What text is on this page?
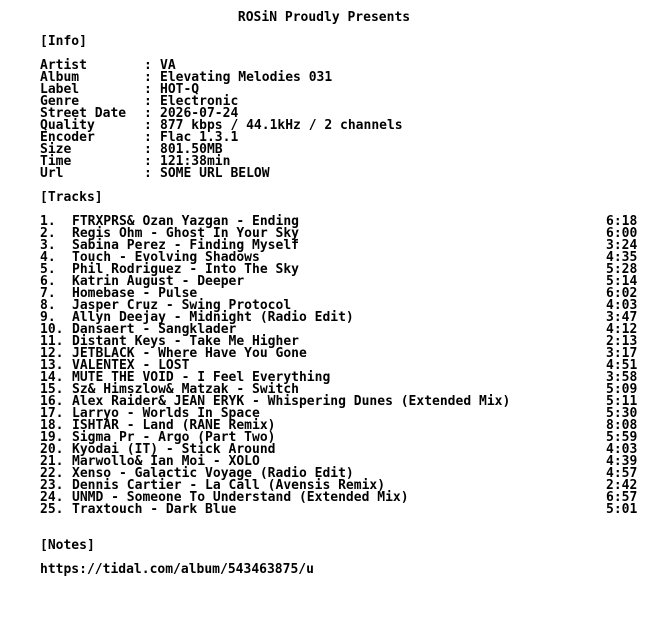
ROSiN Proudly Presents
[Info]
Artist	: VA
Album	: Elevating Melodies 031
Label	: HOT-Q
Genre	: Electronic
Street Date : 2026-07-24
Quality	: 877 kbps / 44.1kHz / 2 channels
Encoder	: Flac 1.3.1
Size	: 801.50MB
Time	: 121:38min
Url	: SOME URL BELOW
[Tracks]
1. FTRXPRS& Ozan Yazgan - Ending	6:18
2. Regis Ohm - Ghost In Your Sky	6:00
3. Sabina Perez - Finding Myself	3:24
4. Touch - Evolving Shadows	4:35
5. Phil Rodriguez - Into The Sky	5:28
6. Katrin August - Deeper	5:14
7. Homebase - Pulse	6:02
8. Jasper Cruz - Swing Protocol	4:03
9. Allyn Deejay - Midnight (Radio Edit)	3:47
10. Dansaert - Sangklader	4:12
11. Distant Keys - Take Me Higher	2:13
12. JETBLACK - Where Have You Gone	3:17
13. VALENTEX - LOST	4:51
14. MUTE THE VOID - I Feel Everything	3:58
15. Sz& Himszlow& Matzak - Switch	5:09
16. Alex Raider& JEAN ERYK - Whispering Dunes (Extended Mix)	5:11
17. Larryo - Worlds In Space	5:30
18. ISHTAR - Land (RANE Remix)	8:08
19. Sigma Pr - Argo (Part Two)	5:59
20. Kyodai (IT) - Stick Around	4:03
21. Marwollo& Ian Moi - XOLO	4:39
22. Xenso - Galactic Voyage (Radio Edit)	4:57
23. Dennis Cartier - La Call (Avensis Remix)	2:42
24. UNMD - Someone To Understand (Extended Mix)	6:57
25. Traxtouch - Dark Blue	5:01
[Notes]
https://tidal.com/album/543463875/u
